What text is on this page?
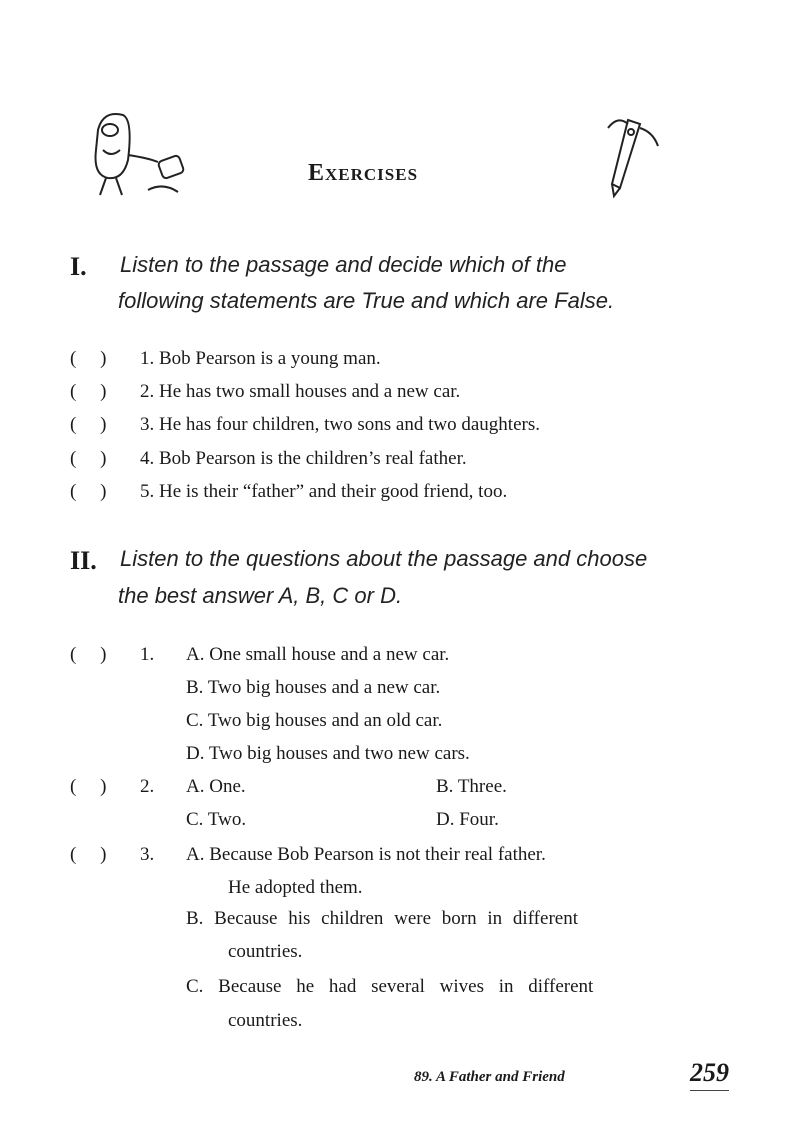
Exercises
I. Listen to the passage and decide which of the
following statements are True and which are False.
(     ) 1. Bob Pearson is a young man.
(     ) 2. He has two small houses and a new car.
(     ) 3. He has four children, two sons and two daughters.
(     ) 4. Bob Pearson is the children’s real father.
(     ) 5. He is their “father” and their good friend, too.
II. Listen to the questions about the passage and choose
the best answer A, B, C or D.
(     ) 1. A. One small house and a new car.
B. Two big houses and a new car.
C. Two big houses and an old car.
D. Two big houses and two new cars.
(     ) 2. A. One.	B. Three.
C. Two.	D. Four.
(     ) 3. A. Because Bob Pearson is not their real father.
He adopted them.
B. Because his children were born in different
countries.
C. Because he had several wives in different
countries.
89. A Father and Friend	259
